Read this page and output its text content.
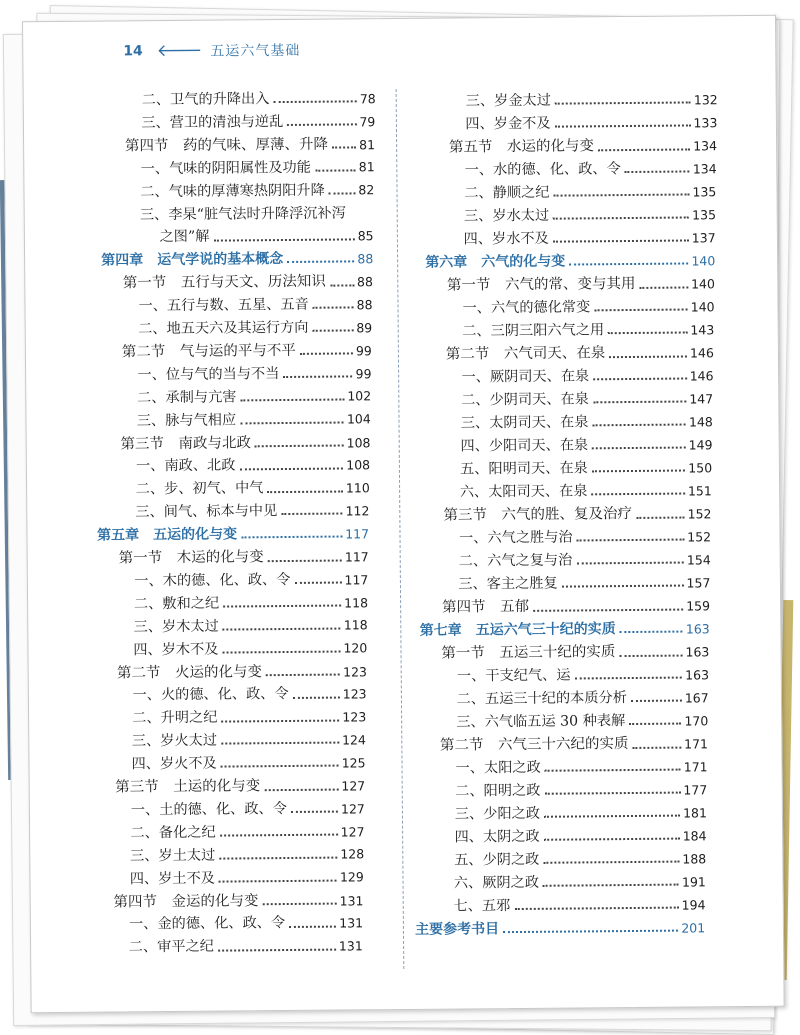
14 🡐 五运六气基础
二、卫气的升降出入	78
三、营卫的清浊与逆乱	79
第四节　药的气味、厚薄、升降 81
一、气味的阴阳属性及功能	81
二、气味的厚薄寒热阴阳升降	82
三、李杲“脏气法时升降浮沉补泻
之图”解	85
第四章　运气学说的基本概念	88
第一节　五行与天文、历法知识 88
一、五行与数、五星、五音	88
二、地五天六及其运行方向	89
第二节　气与运的平与不平	99
一、位与气的当与不当	99
二、承制与亢害	102
三、脉与气相应	104
第三节　南政与北政	108
一、南政、北政	108
二、步、初气、中气	110
三、间气、标本与中见	112
第五章　五运的化与变	117
第一节　木运的化与变	117
一、木的德、化、政、令	117
二、敷和之纪	118
三、岁木太过	118
四、岁木不及	120
第二节　火运的化与变	123
一、火的德、化、政、令	123
二、升明之纪	123
三、岁火太过	124
四、岁火不及	125
第三节　土运的化与变	127
一、土的德、化、政、令	127
二、备化之纪	127
三、岁土太过	128
四、岁土不及	129
第四节　金运的化与变	131
一、金的德、化、政、令	131
二、审平之纪	131
三、岁金太过	132
四、岁金不及	133
第五节　水运的化与变	134
一、水的德、化、政、令	134
二、静顺之纪	135
三、岁水太过	135
四、岁水不及	137
第六章　六气的化与变	140
第一节　六气的常、变与其用	140
一、六气的德化常变	140
二、三阴三阳六气之用	143
第二节　六气司天、在泉	146
一、厥阴司天、在泉	146
二、少阴司天、在泉	147
三、太阴司天、在泉	148
四、少阳司天、在泉	149
五、阳明司天、在泉	150
六、太阳司天、在泉	151
第三节　六气的胜、复及治疗	152
一、六气之胜与治	152
二、六气之复与治	154
三、客主之胜复	157
第四节　五郁	159
第七章　五运六气三十纪的实质	163
第一节　五运三十纪的实质	163
一、干支纪气、运	163
二、五运三十纪的本质分析	167
三、六气临五运 30 种表解	170
第二节　六气三十六纪的实质	171
一、太阳之政	171
二、阳明之政	177
三、少阳之政	181
四、太阴之政	184
五、少阴之政	188
六、厥阴之政	191
七、五邪	194
主要参考书目	201
